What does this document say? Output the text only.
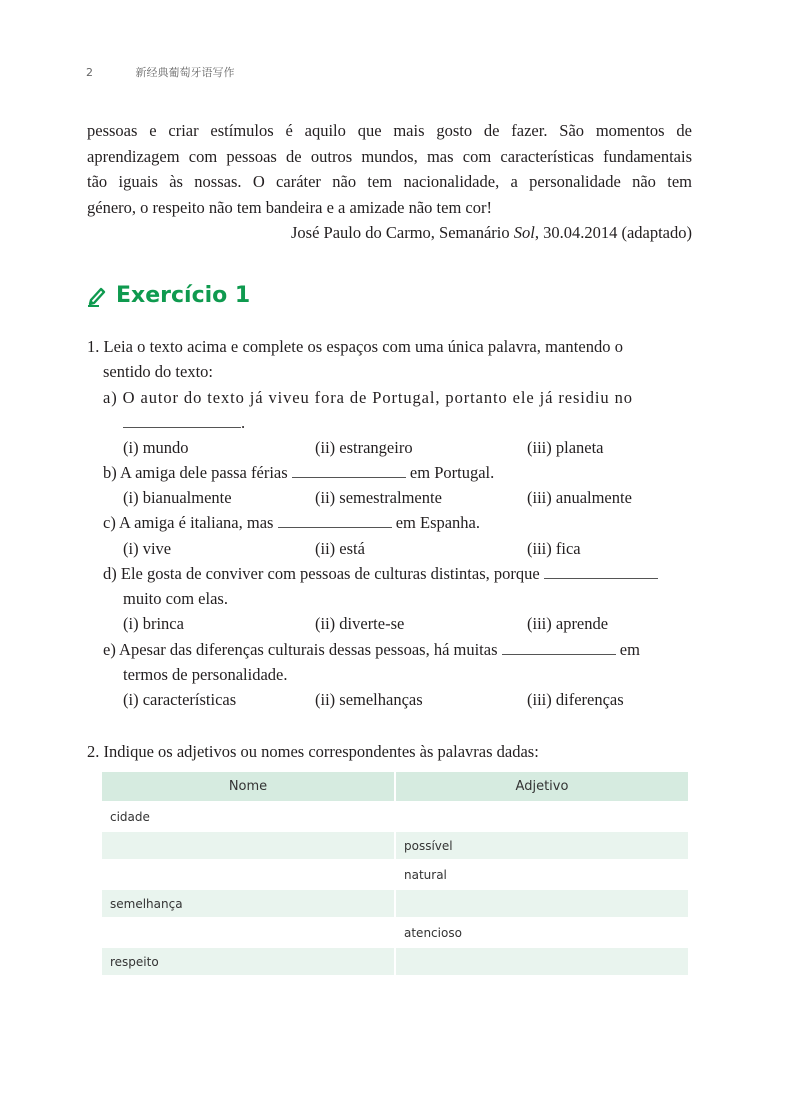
2	新经典葡萄牙语写作

pessoas e criar estímulos é aquilo que mais gosto de fazer. São momentos de

aprendizagem com pessoas de outros mundos, mas com características fundamentais

tão iguais às nossas. O caráter não tem nacionalidade, a personalidade não tem

género, o respeito não tem bandeira e a amizade não tem cor!

José Paulo do Carmo, Semanário Sol, 30.04.2014 (adaptado)

Exercício 1
1. Leia o texto acima e complete os espaços com uma única palavra, mantendo o
sentido do texto:
a) O autor do texto já viveu fora de Portugal, portanto ele já residiu no
.
(i) mundo	(ii) estrangeiro	(iii) planeta
b) A amiga dele passa férias	em Portugal.
(i) bianualmente	(ii) semestralmente	(iii) anualmente
c) A amiga é italiana, mas	em Espanha.
(i) vive	(ii) está	(iii) fica
d) Ele gosta de conviver com pessoas de culturas distintas, porque
muito com elas.
(i) brinca	(ii) diverte-se	(iii) aprende
e) Apesar das diferenças culturais dessas pessoas, há muitas	em
termos de personalidade.
(i) características	(ii) semelhanças	(iii) diferenças
2. Indique os adjetivos ou nomes correspondentes às palavras dadas:
Nome	Adjetivo
cidade	
	possível
	natural
semelhança	
	atencioso
respeito	
